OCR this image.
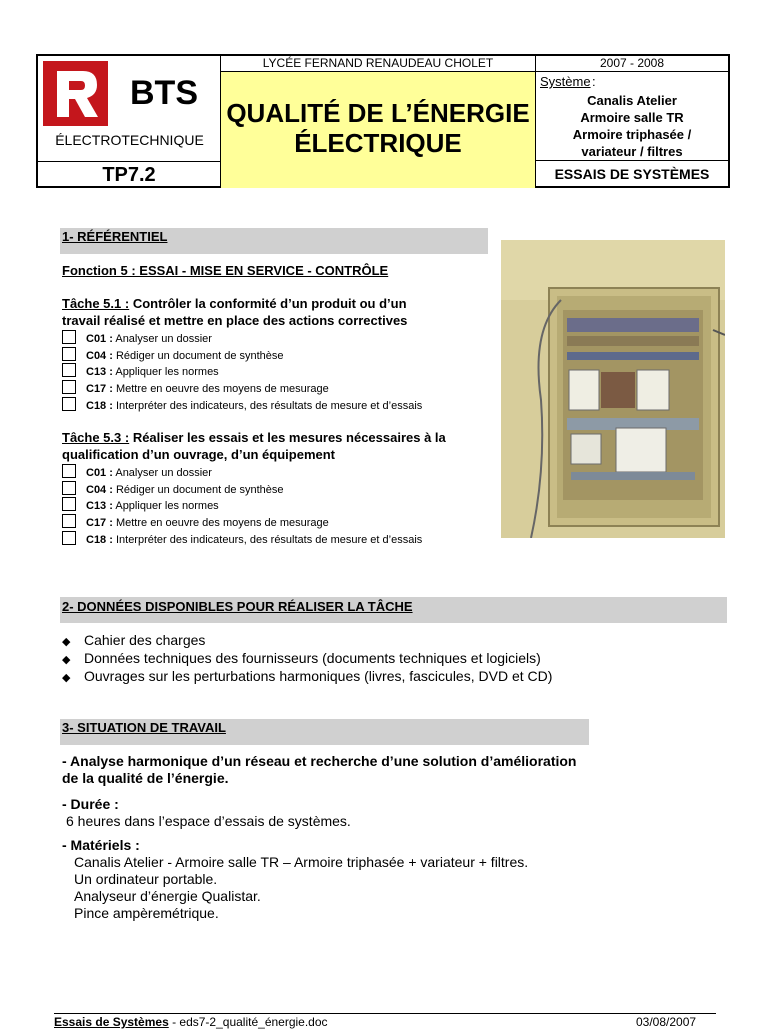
BTS
ÉLECTROTECHNIQUE
TP7.2
LYCÉE FERNAND RENAUDEAU CHOLET
QUALITÉ DE L’ÉNERGIE
ÉLECTRIQUE
2007 - 2008
Système :
Canalis Atelier
Armoire salle TR
Armoire triphasée /
variateur / filtres
ESSAIS DE SYSTÈMES
1- RÉFÉRENTIEL
Fonction 5 : ESSAI - MISE EN SERVICE - CONTRÔLE
Tâche 5.1 : Contrôler la conformité d’un produit ou d’un
travail réalisé et mettre en place des actions correctives
C01 : Analyser un dossier
C04 : Rédiger un document de synthèse
C13 : Appliquer les normes
C17 : Mettre en oeuvre des moyens de mesurage
C18 : Interpréter des indicateurs, des résultats de mesure et d’essais
Tâche 5.3 : Réaliser les essais et les mesures nécessaires à la
qualification d’un ouvrage, d’un équipement
C01 : Analyser un dossier
C04 : Rédiger un document de synthèse
C13 : Appliquer les normes
C17 : Mettre en oeuvre des moyens de mesurage
C18 : Interpréter des indicateurs, des résultats de mesure et d’essais
2- DONNÉES DISPONIBLES POUR RÉALISER LA TÂCHE
◆ Cahier des charges
◆ Données techniques des fournisseurs (documents techniques et logiciels)
◆ Ouvrages sur les perturbations harmoniques (livres, fascicules, DVD et CD)
3- SITUATION DE TRAVAIL
- Analyse harmonique d’un réseau et recherche d’une solution d’amélioration
de la qualité de l’énergie.
- Durée :
6 heures dans l’espace d’essais de systèmes.
- Matériels :
Canalis Atelier - Armoire salle TR – Armoire triphasée + variateur + filtres.
Un ordinateur portable.
Analyseur d’énergie Qualistar.
Pince ampèremétrique.
Essais de Systèmes - eds7-2_qualité_énergie.doc	03/08/2007
